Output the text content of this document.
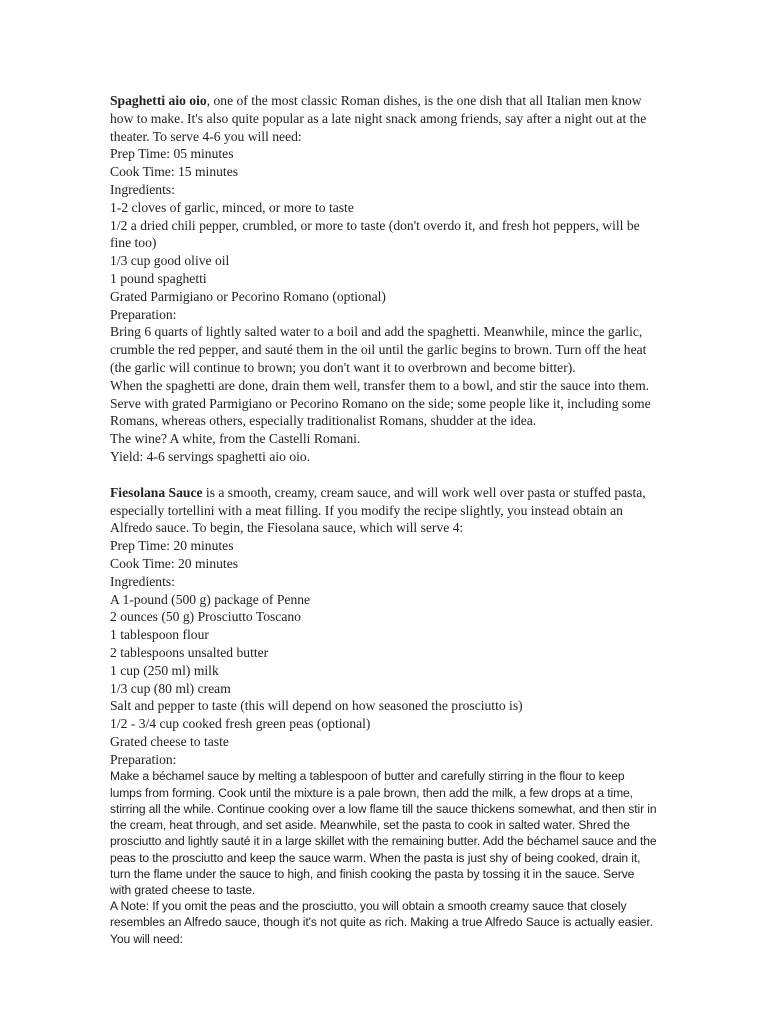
Spaghetti aio oio, one of the most classic Roman dishes, is the one dish that all Italian men know how to make. It's also quite popular as a late night snack among friends, say after a night out at the theater. To serve 4-6 you will need:

Prep Time: 05 minutes

Cook Time: 15 minutes

Ingredients:

1-2 cloves of garlic, minced, or more to taste

1/2 a dried chili pepper, crumbled, or more to taste (don't overdo it, and fresh hot peppers, will be fine too)

1/3 cup good olive oil

1 pound spaghetti

Grated Parmigiano or Pecorino Romano (optional)

Preparation:

Bring 6 quarts of lightly salted water to a boil and add the spaghetti. Meanwhile, mince the garlic, crumble the red pepper, and sauté them in the oil until the garlic begins to brown. Turn off the heat (the garlic will continue to brown; you don't want it to overbrown and become bitter).

When the spaghetti are done, drain them well, transfer them to a bowl, and stir the sauce into them. Serve with grated Parmigiano or Pecorino Romano on the side; some people like it, including some Romans, whereas others, especially traditionalist Romans, shudder at the idea.

The wine? A white, from the Castelli Romani.

Yield: 4-6 servings spaghetti aio oio.

Fiesolana Sauce is a smooth, creamy, cream sauce, and will work well over pasta or stuffed pasta, especially tortellini with a meat filling. If you modify the recipe slightly, you instead obtain an Alfredo sauce. To begin, the Fiesolana sauce, which will serve 4:

Prep Time: 20 minutes

Cook Time: 20 minutes

Ingredients:

A 1-pound (500 g) package of Penne

2 ounces (50 g) Prosciutto Toscano

1 tablespoon flour

2 tablespoons unsalted butter

1 cup (250 ml) milk

1/3 cup (80 ml) cream

Salt and pepper to taste (this will depend on how seasoned the prosciutto is)

1/2 - 3/4 cup cooked fresh green peas (optional)

Grated cheese to taste

Preparation:

Make a béchamel sauce by melting a tablespoon of butter and carefully stirring in the flour to keep lumps from forming. Cook until the mixture is a pale brown, then add the milk, a few drops at a time, stirring all the while. Continue cooking over a low flame till the sauce thickens somewhat, and then stir in the cream, heat through, and set aside. Meanwhile, set the pasta to cook in salted water. Shred the prosciutto and lightly sauté it in a large skillet with the remaining butter. Add the béchamel sauce and the peas to the prosciutto and keep the sauce warm. When the pasta is just shy of being cooked, drain it, turn the flame under the sauce to high, and finish cooking the pasta by tossing it in the sauce. Serve with grated cheese to taste.

A Note: If you omit the peas and the prosciutto, you will obtain a smooth creamy sauce that closely resembles an Alfredo sauce, though it's not quite as rich. Making a true Alfredo Sauce is actually easier. You will need:
